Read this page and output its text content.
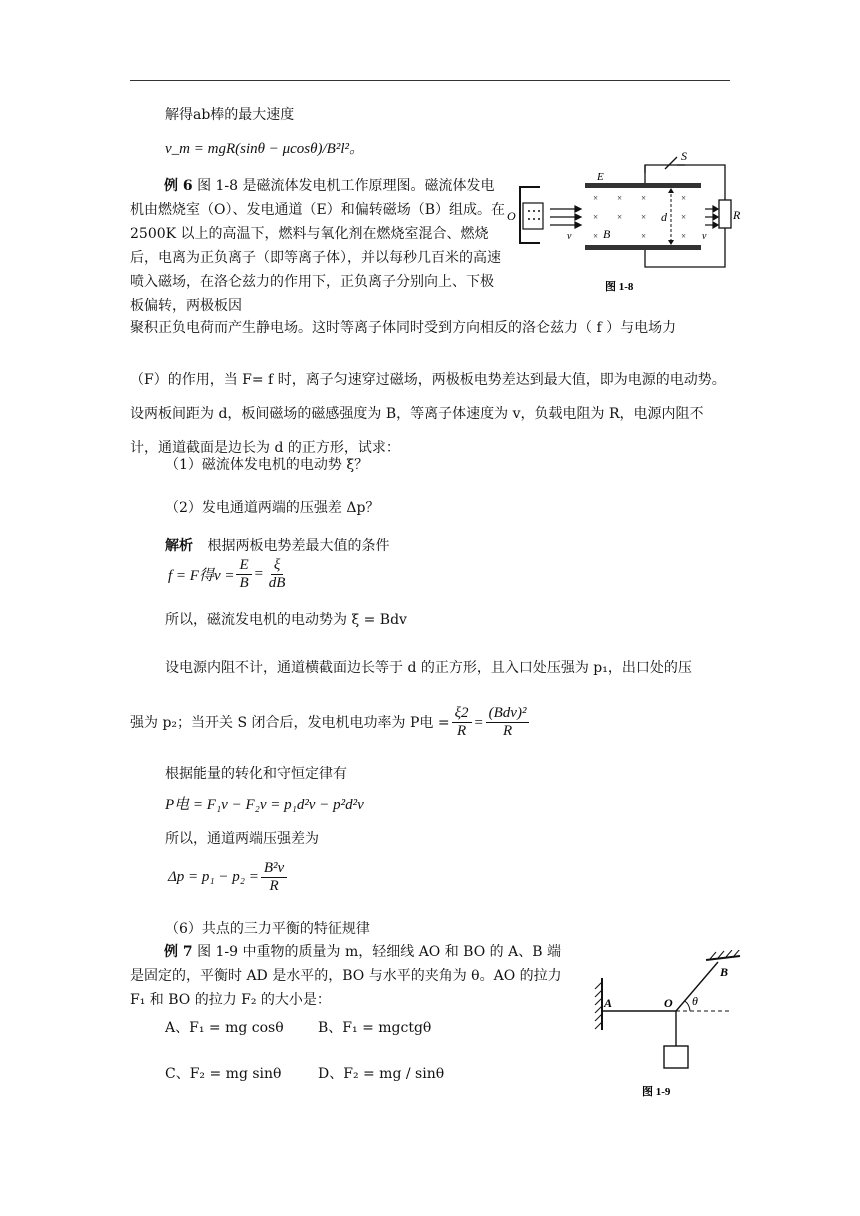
解得ab棒的最大速度
v_m = mgR(sinθ − μcosθ)/B²l²。
例 6 图 1-8 是磁流体发电机工作原理图。磁流体发电机由燃烧室（O）、发电通道（E）和偏转磁场（B）组成。在 2500K 以上的高温下，燃料与氧化剂在燃烧室混合、燃烧后，电离为正负离子（即等离子体），并以每秒几百米的高速喷入磁场，在洛仑兹力的作用下，正负离子分别向上、下极板偏转，两极板因
× × ×	×
× × ×	×
×	×	×
S
E
O
B
d	R
v	v
图 1-8
聚积正负电荷而产生静电场。这时等离子体同时受到方向相反的洛仑兹力（ f ）与电场力
（F）的作用，当 F= f 时，离子匀速穿过磁场，两极板电势差达到最大值，即为电源的电动势。设两板间距为 d，板间磁场的磁感强度为 B，等离子体速度为 v，负载电阻为 R，电源内阻不计，通道截面是边长为 d 的正方形，试求：
（1）磁流体发电机的电动势 ξ？
（2）发电通道两端的压强差 Δp？
解析 根据两板电势差最大值的条件
f = F得$v = \frac{E}{B} = \frac{\xi}{dB}$
所以，磁流发电机的电动势为 ξ = Bdv
设电源内阻不计，通道横截面边长等于 d 的正方形，且入口处压强为 p₁，出口处的压
强为 p₂；当开关 S 闭合后，发电机电功率为 P电 = $\frac{\xi 2}{R} = \frac{\text{(Bdv)²}}{R}$
根据能量的转化和守恒定律有
P电 = F₁v − F₂v = p₁d²v − p²d²v
所以，通道两端压强差为
$\Delta p = p_1 - p_2 = \frac{\text{B²v}}{R}$
（6）共点的三力平衡的特征规律
例 7 图 1-9 中重物的质量为 m，轻细线 AO 和 BO 的 A、B 端是固定的，平衡时 AD 是水平的，BO 与水平的夹角为 θ。AO 的拉力 F₁ 和 BO 的拉力 F₂ 的大小是：
A、F₁ = mg cosθ B、F₁ = mgctgθ
C、F₂ = mg sinθ	D、F₂ = mg / sinθ
A	O
B
θ
图 1-9
